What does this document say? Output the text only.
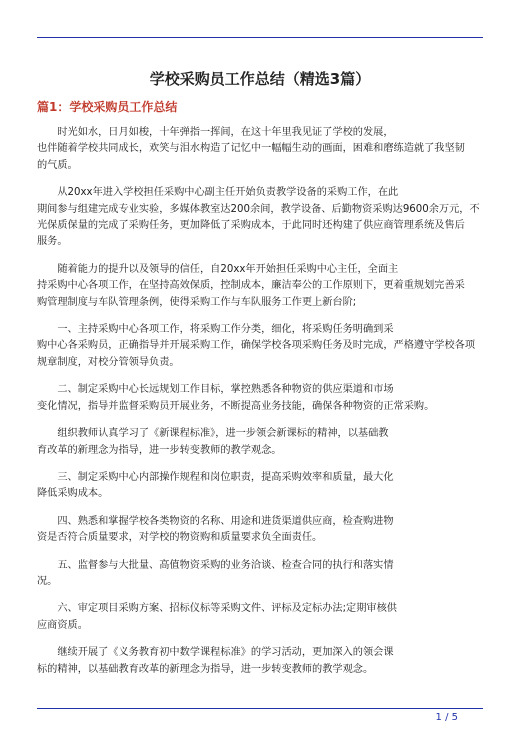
学校采购员工作总结（精选3篇）
篇1：学校采购员工作总结

　　时光如水，日月如梭，十年弹指一挥间，在这十年里我见证了学校的发展，
也伴随着学校共同成长，欢笑与泪水构造了记忆中一幅幅生动的画面，困难和磨练造就了我坚韧
的气质。

　　从20xx年进入学校担任采购中心副主任开始负责教学设备的采购工作，在此
期间参与组建完成专业实验，多媒体教室达200余间，教学设备、后勤物资采购达9600余万元，不
光保质保量的完成了采购任务，更加降低了采购成本，于此同时还构建了供应商管理系统及售后
服务。

　　随着能力的提升以及领导的信任，自20xx年开始担任采购中心主任，全面主
持采购中心各项工作，在坚持高效保质，控制成本，廉洁奉公的工作原则下，更着重规划完善采
购管理制度与车队管理条例，使得采购工作与车队服务工作更上新台阶;

　　一、主持采购中心各项工作，将采购工作分类，细化，将采购任务明确到采
购中心各采购员，正确指导并开展采购工作，确保学校各项采购任务及时完成，严格遵守学校各项
规章制度，对校分管领导负责。

　　二、制定采购中心长远规划工作目标，掌控熟悉各种物资的供应渠道和市场
变化情况，指导并监督采购员开展业务，不断提高业务技能，确保各种物资的正常采购。

　　组织教师认真学习了《新课程标准》，进一步领会新课标的精神，以基础教
育改革的新理念为指导，进一步转变教师的教学观念。

　　三、制定采购中心内部操作规程和岗位职责，提高采购效率和质量，最大化
降低采购成本。

　　四、熟悉和掌握学校各类物资的名称、用途和进货渠道供应商，检查购进物
资是否符合质量要求，对学校的物资购和质量要求负全面责任。

　　五、监督参与大批量、高值物资采购的业务洽谈、检查合同的执行和落实情
况。

　　六、审定项目采购方案、招标仪标等采购文件、评标及定标办法;定期审核供
应商资质。

　　继续开展了《义务教育初中数学课程标准》的学习活动，更加深入的领会课
标的精神，以基础教育改革的新理念为指导，进一步转变教师的教学观念。

1 / 5
